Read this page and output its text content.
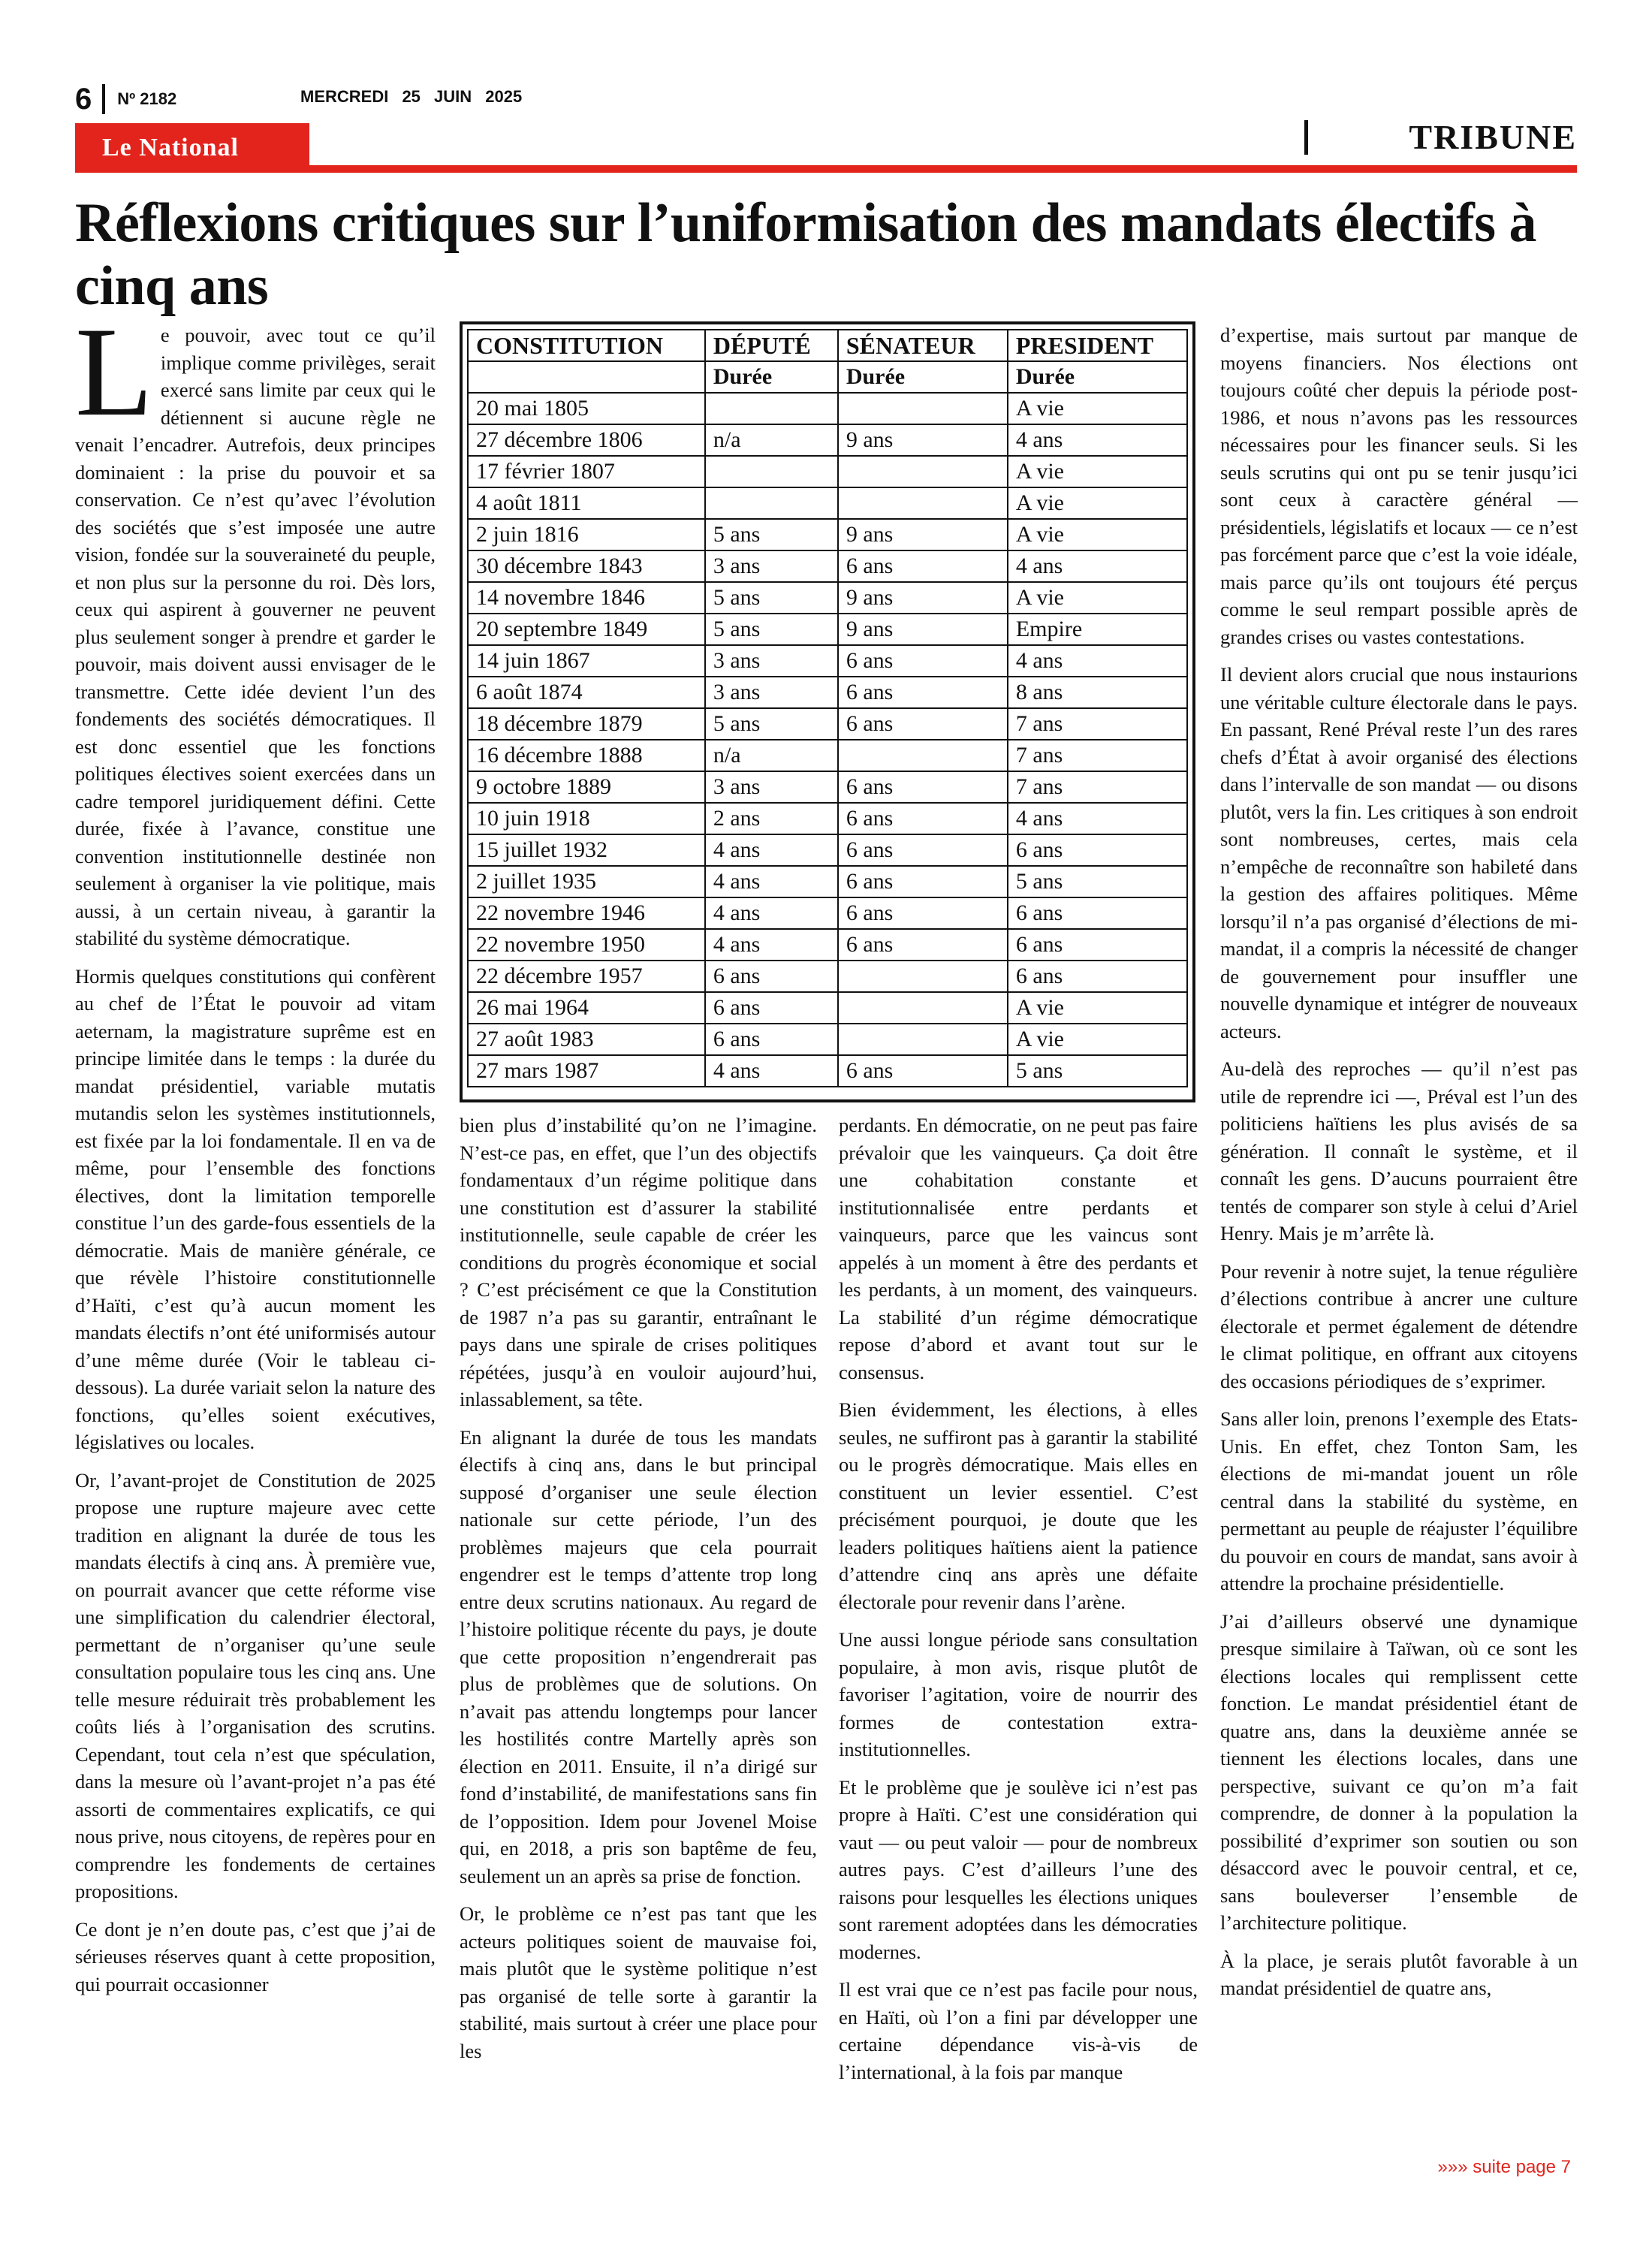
6 Nº 2182	MERCREDI 25 JUIN 2025
Le National	TRIBUNE
Réflexions critiques sur l’uniformisation des mandats électifs à cinq ans

Le pouvoir, avec tout ce qu’il implique comme privilèges, serait exercé sans limite par ceux qui le détiennent si aucune règle ne venait l’encadrer. Autrefois, deux principes dominaient : la prise du pouvoir et sa conservation. Ce n’est qu’avec l’évolution des sociétés que s’est imposée une autre vision, fondée sur la souveraineté du peuple, et non plus sur la personne du roi. Dès lors, ceux qui aspirent à gouverner ne peuvent plus seulement songer à prendre et garder le pouvoir, mais doivent aussi envisager de le transmettre. Cette idée devient l’un des fondements des sociétés démocratiques. Il est donc essentiel que les fonctions politiques électives soient exercées dans un cadre temporel juridiquement défini. Cette durée, fixée à l’avance, constitue une convention institutionnelle destinée non seulement à organiser la vie politique, mais aussi, à un certain niveau, à garantir la stabilité du système démocratique.

Hormis quelques constitutions qui confèrent au chef de l’État le pouvoir ad vitam aeternam, la magistrature suprême est en principe limitée dans le temps : la durée du mandat présidentiel, variable mutatis mutandis selon les systèmes institutionnels, est fixée par la loi fondamentale. Il en va de même, pour l’ensemble des fonctions électives, dont la limitation temporelle constitue l’un des garde-fous essentiels de la démocratie. Mais de manière générale, ce que révèle l’histoire constitutionnelle d’Haïti, c’est qu’à aucun moment les mandats électifs n’ont été uniformisés autour d’une même durée (Voir le tableau ci-dessous). La durée variait selon la nature des fonctions, qu’elles soient exécutives, législatives ou locales.

Or, l’avant-projet de Constitution de 2025 propose une rupture majeure avec cette tradition en alignant la durée de tous les mandats électifs à cinq ans. À première vue, on pourrait avancer que cette réforme vise une simplification du calendrier électoral, permettant de n’organiser qu’une seule consultation populaire tous les cinq ans. Une telle mesure réduirait très probablement les coûts liés à l’organisation des scrutins. Cependant, tout cela n’est que spéculation, dans la mesure où l’avant-projet n’a pas été assorti de commentaires explicatifs, ce qui nous prive, nous citoyens, de repères pour en comprendre les fondements de certaines propositions.

Ce dont je n’en doute pas, c’est que j’ai de sérieuses réserves quant à cette proposition, qui pourrait occasionner

CONSTITUTION	DÉPUTÉ	SÉNATEUR	PRESIDENT
	Durée	Durée	Durée
20 mai 1805			A vie
27 décembre 1806	n/a	9 ans	4 ans
17 février 1807			A vie
4 août 1811			A vie
2 juin 1816	5 ans	9 ans	A vie
30 décembre 1843	3 ans	6 ans	4 ans
14 novembre 1846	5 ans	9 ans	A vie
20 septembre 1849	5 ans	9 ans	Empire
14 juin 1867	3 ans	6 ans	4 ans
6 août 1874	3 ans	6 ans	8 ans
18 décembre 1879	5 ans	6 ans	7 ans
16 décembre 1888	n/a		7 ans
9 octobre 1889	3 ans	6 ans	7 ans
10 juin 1918	2 ans	6 ans	4 ans
15 juillet 1932	4 ans	6 ans	6 ans
2 juillet 1935	4 ans	6 ans	5 ans
22 novembre 1946	4 ans	6 ans	6 ans
22 novembre 1950	4 ans	6 ans	6 ans
22 décembre 1957	6 ans		6 ans
26 mai 1964	6 ans		A vie
27 août 1983	6 ans		A vie
27 mars 1987	4 ans	6 ans	5 ans

bien plus d’instabilité qu’on ne l’imagine. N’est-ce pas, en effet, que l’un des objectifs fondamentaux d’un régime politique dans une constitution est d’assurer la stabilité institutionnelle, seule capable de créer les conditions du progrès économique et social ? C’est précisément ce que la Constitution de 1987 n’a pas su garantir, entraînant le pays dans une spirale de crises politiques répétées, jusqu’à en vouloir aujourd’hui, inlassablement, sa tête.

En alignant la durée de tous les mandats électifs à cinq ans, dans le but principal supposé d’organiser une seule élection nationale sur cette période, l’un des problèmes majeurs que cela pourrait engendrer est le temps d’attente trop long entre deux scrutins nationaux. Au regard de l’histoire politique récente du pays, je doute que cette proposition n’engendrerait pas plus de problèmes que de solutions. On n’avait pas attendu longtemps pour lancer les hostilités contre Martelly après son élection en 2011. Ensuite, il n’a dirigé sur fond d’instabilité, de manifestations sans fin de l’opposition. Idem pour Jovenel Moise qui, en 2018, a pris son baptême de feu, seulement un an après sa prise de fonction.

Or, le problème ce n’est pas tant que les acteurs politiques soient de mauvaise foi, mais plutôt que le système politique n’est pas organisé de telle sorte à garantir la stabilité, mais surtout à créer une place pour les

perdants. En démocratie, on ne peut pas faire prévaloir que les vainqueurs. Ça doit être une cohabitation constante et institutionnalisée entre perdants et vainqueurs, parce que les vaincus sont appelés à un moment à être des perdants et les perdants, à un moment, des vainqueurs. La stabilité d’un régime démocratique repose d’abord et avant tout sur le consensus.

Bien évidemment, les élections, à elles seules, ne suffiront pas à garantir la stabilité ou le progrès démocratique. Mais elles en constituent un levier essentiel. C’est précisément pourquoi, je doute que les leaders politiques haïtiens aient la patience d’attendre cinq ans après une défaite électorale pour revenir dans l’arène.

Une aussi longue période sans consultation populaire, à mon avis, risque plutôt de favoriser l’agitation, voire de nourrir des formes de contestation extra-institutionnelles.

Et le problème que je soulève ici n’est pas propre à Haïti. C’est une considération qui vaut — ou peut valoir — pour de nombreux autres pays. C’est d’ailleurs l’une des raisons pour lesquelles les élections uniques sont rarement adoptées dans les démocraties modernes.

Il est vrai que ce n’est pas facile pour nous, en Haïti, où l’on a fini par développer une certaine dépendance vis-à-vis de l’international, à la fois par manque

d’expertise, mais surtout par manque de moyens financiers. Nos élections ont toujours coûté cher depuis la période post-1986, et nous n’avons pas les ressources nécessaires pour les financer seuls. Si les seuls scrutins qui ont pu se tenir jusqu’ici sont ceux à caractère général — présidentiels, législatifs et locaux — ce n’est pas forcément parce que c’est la voie idéale, mais parce qu’ils ont toujours été perçus comme le seul rempart possible après de grandes crises ou vastes contestations.

Il devient alors crucial que nous instaurions une véritable culture électorale dans le pays. En passant, René Préval reste l’un des rares chefs d’État à avoir organisé des élections dans l’intervalle de son mandat — ou disons plutôt, vers la fin. Les critiques à son endroit sont nombreuses, certes, mais cela n’empêche de reconnaître son habileté dans la gestion des affaires politiques. Même lorsqu’il n’a pas organisé d’élections de mi-mandat, il a compris la nécessité de changer de gouvernement pour insuffler une nouvelle dynamique et intégrer de nouveaux acteurs.

Au-delà des reproches — qu’il n’est pas utile de reprendre ici —, Préval est l’un des politiciens haïtiens les plus avisés de sa génération. Il connaît le système, et il connaît les gens. D’aucuns pourraient être tentés de comparer son style à celui d’Ariel Henry. Mais je m’arrête là.

Pour revenir à notre sujet, la tenue régulière d’élections contribue à ancrer une culture électorale et permet également de détendre le climat politique, en offrant aux citoyens des occasions périodiques de s’exprimer.

Sans aller loin, prenons l’exemple des Etats-Unis. En effet, chez Tonton Sam, les élections de mi-mandat jouent un rôle central dans la stabilité du système, en permettant au peuple de réajuster l’équilibre du pouvoir en cours de mandat, sans avoir à attendre la prochaine présidentielle.

J’ai d’ailleurs observé une dynamique presque similaire à Taïwan, où ce sont les élections locales qui remplissent cette fonction. Le mandat présidentiel étant de quatre ans, dans la deuxième année se tiennent les élections locales, dans une perspective, suivant ce qu’on m’a fait comprendre, de donner à la population la possibilité d’exprimer son soutien ou son désaccord avec le pouvoir central, et ce, sans bouleverser l’ensemble de l’architecture politique.

À la place, je serais plutôt favorable à un mandat présidentiel de quatre ans,

»»» suite page 7
